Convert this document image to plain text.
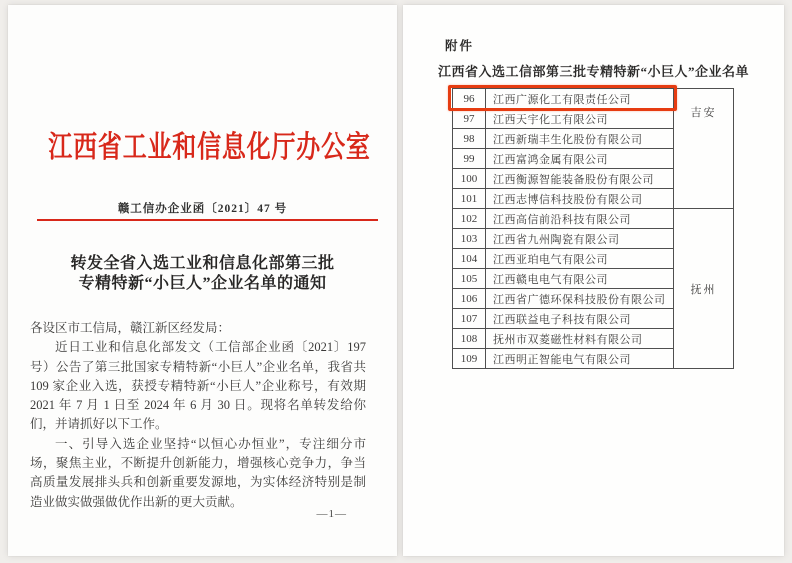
江西省工业和信息化厅办公室
赣工信办企业函〔2021〕47 号
转发全省入选工业和信息化部第三批
专精特新“小巨人”企业名单的通知

各设区市工信局，赣江新区经发局：

近日工业和信息化部发文（工信部企业函〔2021〕197 号）公告了第三批国家专精特新“小巨人”企业名单，我省共 109 家企业入选，获授专精特新“小巨人”企业称号，有效期 2021 年 7 月 1 日至 2024 年 6 月 30 日。现将名单转发给你们，并请抓好以下工作。

一、引导入选企业坚持“以恒心办恒业”，专注细分市场，聚焦主业，不断提升创新能力，增强核心竞争力，争当高质量发展排头兵和创新重要发源地，为实体经济特别是制造业做实做强做优作出新的更大贡献。

—1—
附件
江西省入选工信部第三批专精特新“小巨人”企业名单
96	江西广源化工有限责任公司	吉安
97	江西天宇化工有限公司	
98	江西新瑞丰生化股份有限公司	
99	江西富鸿金属有限公司	
100	江西衡源智能装备股份有限公司	
101	江西志博信科技股份有限公司	
102	江西高信前沿科技有限公司	抚州
103	江西省九州陶瓷有限公司	
104	江西亚珀电气有限公司	
105	江西赣电电气有限公司	
106	江西省广德环保科技股份有限公司	
107	江西联益电子科技有限公司	
108	抚州市双菱磁性材料有限公司	
109	江西明正智能电气有限公司	
